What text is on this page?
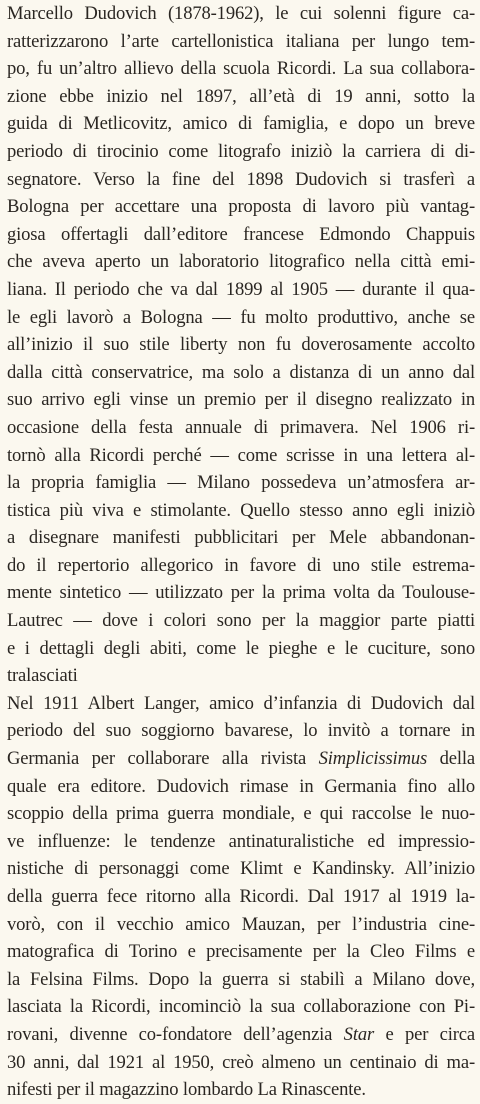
Marcello Dudovich (1878-1962), le cui solenni figure ca-
ratterizzarono l’arte cartellonistica italiana per lungo tem-
po, fu un’altro allievo della scuola Ricordi. La sua collabora-
zione ebbe inizio nel 1897, all’età di 19 anni, sotto la
guida di Metlicovitz, amico di famiglia, e dopo un breve
periodo di tirocinio come litografo iniziò la carriera di di-
segnatore. Verso la fine del 1898 Dudovich si trasferì a
Bologna per accettare una proposta di lavoro più vantag-
giosa offertagli dall’editore francese Edmondo Chappuis
che aveva aperto un laboratorio litografico nella città emi-
liana. Il periodo che va dal 1899 al 1905 — durante il qua-
le egli lavorò a Bologna — fu molto produttivo, anche se
all’inizio il suo stile liberty non fu doverosamente accolto
dalla città conservatrice, ma solo a distanza di un anno dal
suo arrivo egli vinse un premio per il disegno realizzato in
occasione della festa annuale di primavera. Nel 1906 ri-
tornò alla Ricordi perché — come scrisse in una lettera al-
la propria famiglia — Milano possedeva un’atmosfera ar-
tistica più viva e stimolante. Quello stesso anno egli iniziò
a disegnare manifesti pubblicitari per Mele abbandonan-
do il repertorio allegorico in favore di uno stile estrema-
mente sintetico — utilizzato per la prima volta da Toulouse-
Lautrec — dove i colori sono per la maggior parte piatti
e i dettagli degli abiti, come le pieghe e le cuciture, sono
tralasciati
Nel 1911 Albert Langer, amico d’infanzia di Dudovich dal
periodo del suo soggiorno bavarese, lo invitò a tornare in
Germania per collaborare alla rivista Simplicissimus della
quale era editore. Dudovich rimase in Germania fino allo
scoppio della prima guerra mondiale, e qui raccolse le nuo-
ve influenze: le tendenze antinaturalistiche ed impressio-
nistiche di personaggi come Klimt e Kandinsky. All’inizio
della guerra fece ritorno alla Ricordi. Dal 1917 al 1919 la-
vorò, con il vecchio amico Mauzan, per l’industria cine-
matografica di Torino e precisamente per la Cleo Films e
la Felsina Films. Dopo la guerra si stabilì a Milano dove,
lasciata la Ricordi, incominciò la sua collaborazione con Pi-
rovani, divenne co-fondatore dell’agenzia Star e per circa
30 anni, dal 1921 al 1950, creò almeno un centinaio di ma-
nifesti per il magazzino lombardo La Rinascente.
